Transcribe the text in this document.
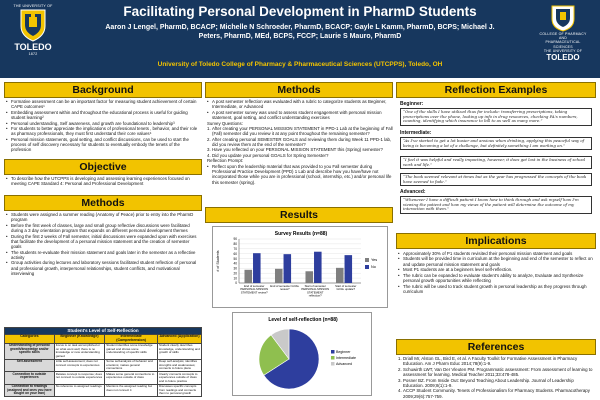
THE UNIVERSITY OF
TOLEDO
1872
Facilitating Personal Development in PharmD Students
Aaron J Lengel, PharmD, BCACP; Michelle N Schroeder, PharmD, BCACP; Gayle L Kamm, PharmD, BCPS; Michael J.
Peters, PharmD, MEd, BCPS, FCCP; Laurie S Mauro, PharmD
University of Toledo College of Pharmacy & Pharmaceutical Sciences (UTCPPS), Toledo, OH
COLLEGE OF PHARMACY AND
PHARMACEUTICAL SCIENCES
THE UNIVERSITY OF
TOLEDO
Background
• Formative assessment can be an important factor for measuring student achievement of certain CAPE outcomes¹
• Embedding assessment within and throughout the educational process is useful for guiding student learning²
• Personal understanding, Self awareness, and growth are foundational to leadership³
• For students to better appreciate the implications of professional tenets , behavior, and their role as pharmacy professionals, they must first understand their core values⁴
• Personal mission statements, goal setting, and conflict discussions, can be used to start the process of self discovery necessary for students to eventually embody the tenets of the profession
Objective
• To describe how the UTCPPS is developing and assessing learning experiences focused on meeting CAPE Standard 4: Personal and Professional Development
Methods
• Students were assigned a summer reading (Anatomy of Peace) prior to entry into the PharmD program
• Before the first week of classes, large and small group reflective discussions were facilitated during a 3 day orientation program that expands on different personal development themes
• During the first 2 weeks of Fall semester, initial discussions were expanded upon with exercises that facilitate the development of a personal mission statement and the creation of semester goals
• The students re-evaluate their mission statement and goals later in the semester as a reflective activity
• Group activities during lectures and laboratory sessions facilitated student reflection of personal and professional growth, interpersonal relationships, student conflicts, and motivational interviewing
Student's Level of Self-Reflection			
Categories	Beginner (Knowledge)	Intermediate (Comprehension)	Advanced (Application)
Understanding of personal growth/knowledge and/or specific skills	Focus is on task accomplished or on what went well; there is no knowledge or new understanding gained	Student identifies some knowledge gained and shows some understanding of specific skills	Student clearly describes knowledge, understanding and growth of skills
Self-assessment	Little self-assessment; does not connect concepts to experiences	Some self-analysis of behavior and emotions; makes general connections	Deep self-analysis; identifies strengths and weaknesses; connects to future plans
Connection to outside experiences	Relates concept to response; does not connect to outside experiences	Makes some general connections to experiences outside of class	Clearly connects concepts to experiences outside of class and to future practice
Connection to readings (assigned and ones you have sought on your own)	No reference to assigned readings	Mentions the assigned reading but does not connect it	Discusses specific concepts from readings and connects them to personal growth
Methods
• A post semester reflection was evaluated with a rubric to categorize students as Beginner, Intermediate, or Advanced
• A post semester survey was used to assess student engagement with personal mission statement, goal setting, and conflict understanding exercises
Survey Questions:
1. After creating your PERSONAL MISSION STATEMENT in PPD-1 Lab at the beginning of Fall (Fall) semester did you review it at any point throughout the remaining semester?
2. After creating personal SEMESTER GOALS and reviewing them during Week 11 PPD-1 lab, did you review them at the end of the semester?
3. Have you reflected on your PERSONAL MISSION STATEMENT this (Spring) semester?
4. Did you update your personal GOALS for Spring Semester?
Reflection Prompt:
• Reflect upon the leadership material that was provided to you Fall semester during Professional Practice Development (PPD) 1 Lab and describe how you have/have not incorporated those while you are in professional (school, internship, etc.) and/or personal life this semester (spring).
Results
Survey Results (n=88)
# of Students
0
10
20
30
40
50
60
70
80
90
End of semester PERSONAL MISSION STATEMENT review?
End of semester GOAL review?
Start of semester PERSONAL MISSION STATEMENT reflection?
Start of semester GOAL update?
Yes
No
Level of self-reflection (n=88)
Beginner
Intermediate
Advanced
Reflection Examples
Beginner:
“One of the skills I have utilized thus far include: transferring prescriptions, taking prescriptions over the phone, looking up info in drug resources, checking PA's numbers, counting, identifying which insurance to bill to as well as many more.”
Intermediate:
“As I've started to get a lot busier and anxious when drinking, applying this peaceful way of being is becoming a lot of a challenge, but definitely something I am working on.”
“I feel it was helpful and really impacting, however, it does get lost in the business of school work and life.”
“The book seemed relevant at times but as the year has progressed the concepts of the book have seemed to fade.”
Advanced:
“Whenever I have a difficult patient I know how to think through and ask myself how I'm viewing the patient and how my views of the patient will determine the outcome of my interaction with them.”
Implications
• Approximately 30% of P1 students revisited their personal mission statement and goals
• Students will be provided time in curriculum at the beginning and end of the semester to reflect on and update personal mission statement and goals
• Most P1 students are at a beginners level self-reflection.
• The rubric can be expanded to evaluate student's ability to analyze, Evaluate and Synthesize personal growth opportunities while reflecting
• The rubric will be used to track student growth in personal leadership as they progress through curriculum
References
1. Driall Mr, Alston GL, Bird E, et al. A Faculty Toolkit for Formative Assessment in Pharmacy Education. Am J Pharm Educ 2014;78(9):1-9.
2. Schuwirth LWT, Van Der Vleuten PM. Programmatic assessment: From assessment of learning to assessment for learning. Medical Teacher 2011;33:478-485.
3. Posner BZ. From Inside Out: Beyond Teaching About Leadership. Journal of Leadership Education. 2009;8(1):1-9.
4. ACCP Student Community. Tenets of Professionalism for Pharmacy Students. Pharmacotherapy 2009;29(6):757-759.
